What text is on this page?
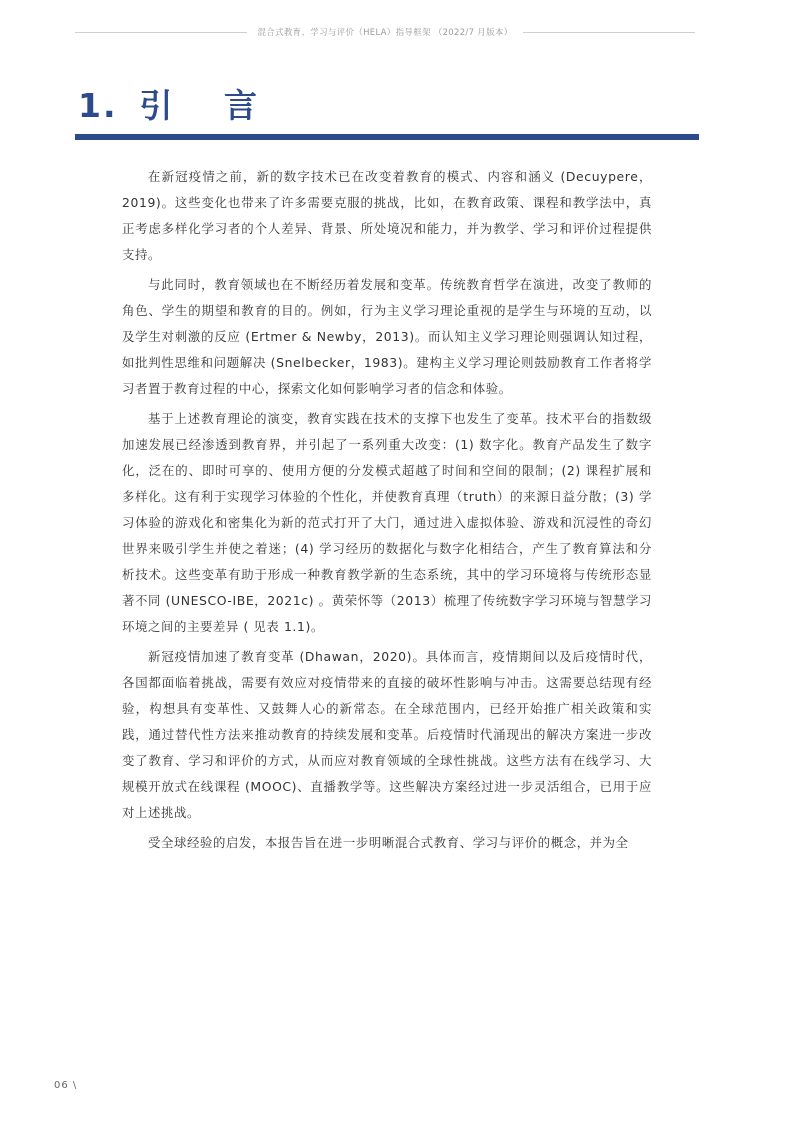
混合式教育、学习与评价（HELA）指导框架 （2022/7 月版本）
1. 引 言

在新冠疫情之前，新的数字技术已在改变着教育的模式、内容和涵义 (Decuypere，2019)。这些变化也带来了许多需要克服的挑战，比如，在教育政策、课程和教学法中，真正考虑多样化学习者的个人差异、背景、所处境况和能力，并为教学、学习和评价过程提供支持。

与此同时，教育领域也在不断经历着发展和变革。传统教育哲学在演进，改变了教师的角色、学生的期望和教育的目的。例如，行为主义学习理论重视的是学生与环境的互动，以及学生对刺激的反应 (Ertmer & Newby，2013)。而认知主义学习理论则强调认知过程，如批判性思维和问题解决 (Snelbecker，1983)。建构主义学习理论则鼓励教育工作者将学习者置于教育过程的中心，探索文化如何影响学习者的信念和体验。

基于上述教育理论的演变，教育实践在技术的支撑下也发生了变革。技术平台的指数级加速发展已经渗透到教育界，并引起了一系列重大改变：(1) 数字化。教育产品发生了数字化，泛在的、即时可享的、使用方便的分发模式超越了时间和空间的限制；(2) 课程扩展和多样化。这有利于实现学习体验的个性化，并使教育真理（truth）的来源日益分散；(3) 学习体验的游戏化和密集化为新的范式打开了大门，通过进入虚拟体验、游戏和沉浸性的奇幻世界来吸引学生并使之着迷；(4) 学习经历的数据化与数字化相结合，产生了教育算法和分析技术。这些变革有助于形成一种教育教学新的生态系统，其中的学习环境将与传统形态显著不同 (UNESCO-IBE，2021c) 。黄荣怀等（2013）梳理了传统数字学习环境与智慧学习环境之间的主要差异 ( 见表 1.1)。

新冠疫情加速了教育变革 (Dhawan，2020)。具体而言，疫情期间以及后疫情时代，各国都面临着挑战，需要有效应对疫情带来的直接的破坏性影响与冲击。这需要总结现有经验，构想具有变革性、又鼓舞人心的新常态。在全球范围内，已经开始推广相关政策和实践，通过替代性方法来推动教育的持续发展和变革。后疫情时代涌现出的解决方案进一步改变了教育、学习和评价的方式，从而应对教育领域的全球性挑战。这些方法有在线学习、大规模开放式在线课程 (MOOC)、直播教学等。这些解决方案经过进一步灵活组合，已用于应对上述挑战。

受全球经验的启发，本报告旨在进一步明晰混合式教育、学习与评价的概念，并为全

06 \
